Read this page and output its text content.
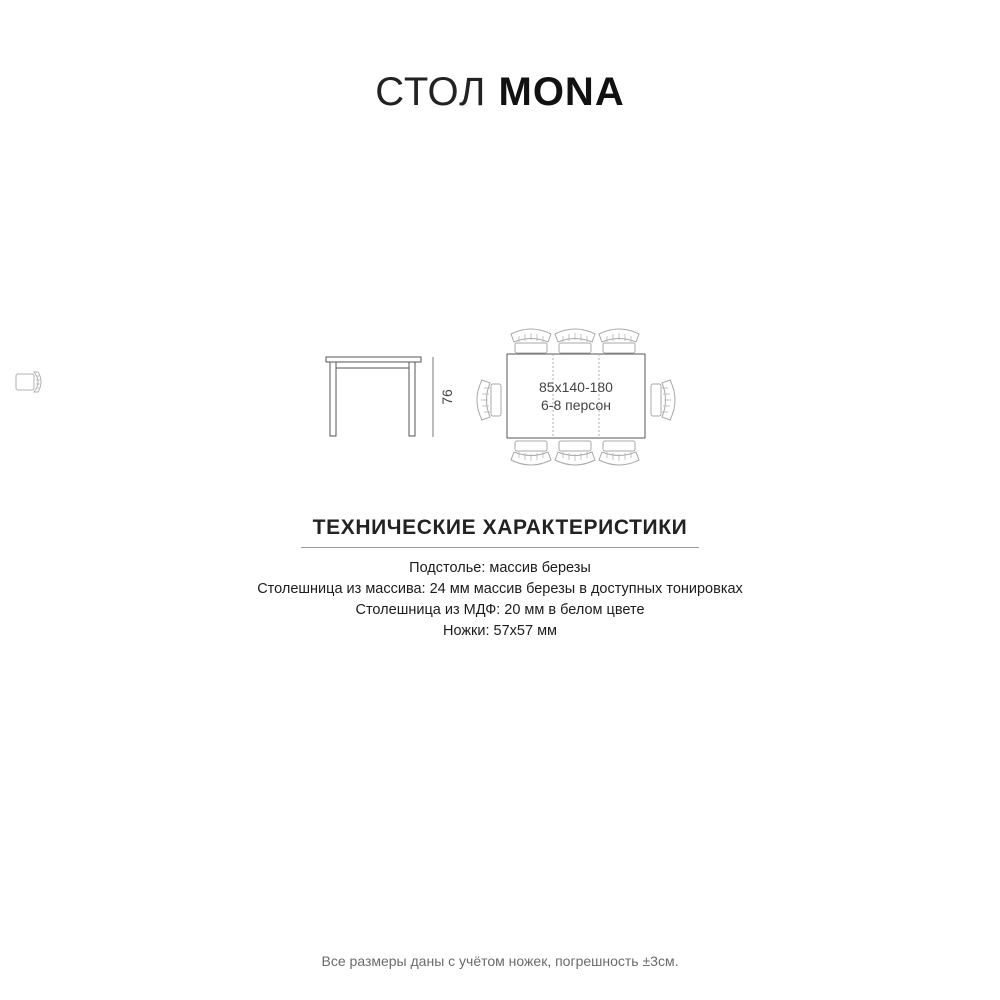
СТОЛ MONA
76
85x140-180
6-8 персон
ТЕХНИЧЕСКИЕ ХАРАКТЕРИСТИКИ
Подстолье: массив березы
Столешница из массива: 24 мм массив березы в доступных тонировках
Столешница из МДФ: 20 мм в белом цвете
Ножки: 57x57 мм
Все размеры даны с учётом ножек, погрешность ±3см.
